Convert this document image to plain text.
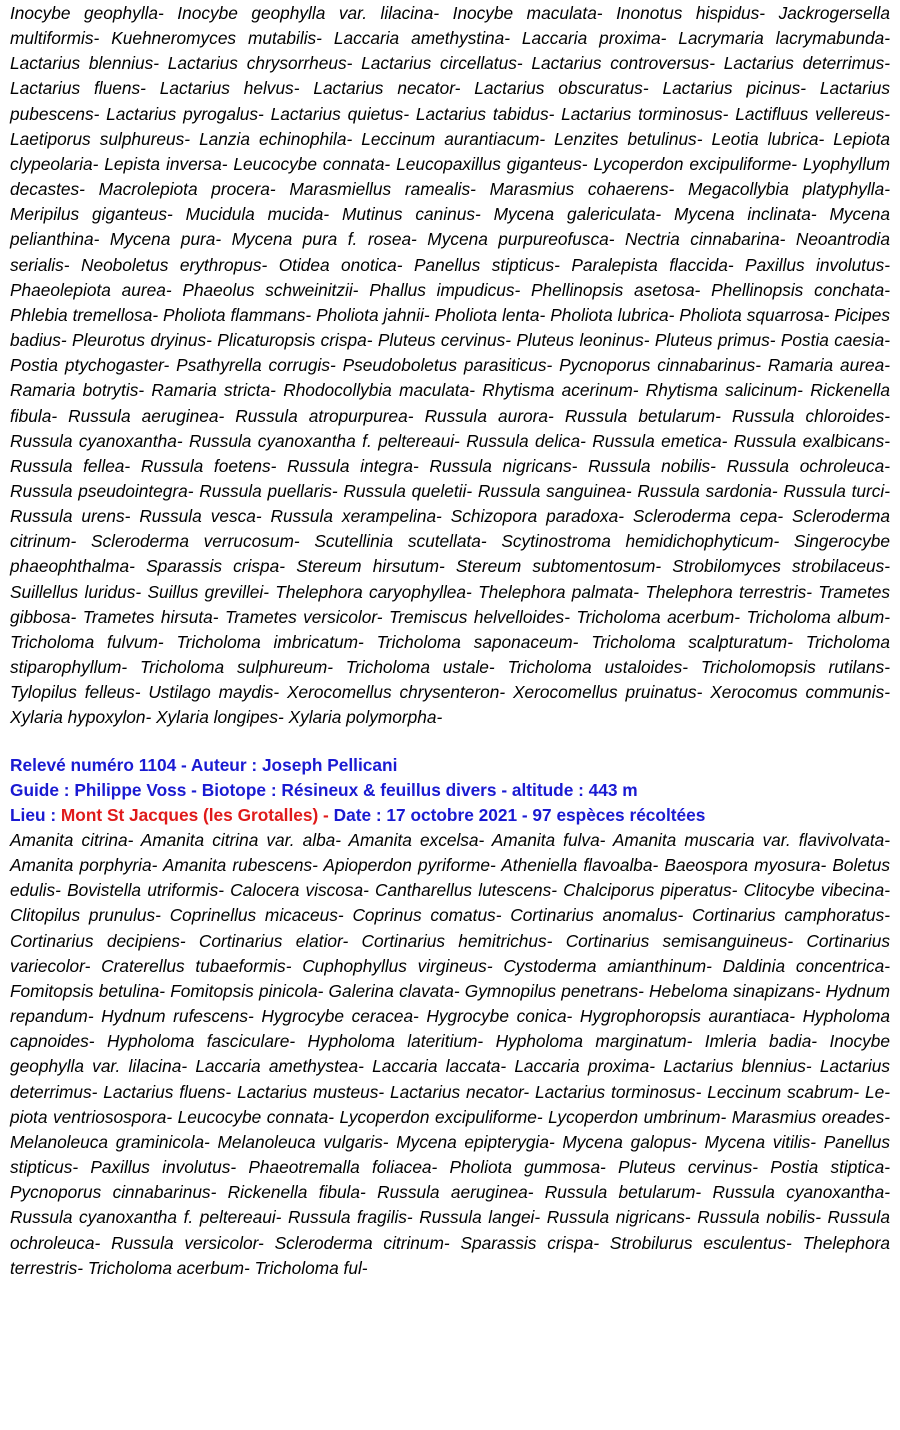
Inocybe geophylla- Inocybe geophylla var. lilacina- Inocybe maculata- Inonotus hispidus- Jackrogersella multiformis- Kuehneromyces mutabilis- Laccaria amethystina- Laccaria proxima- Lacrymaria lacrymabunda- Lactarius blennius- Lactarius chrysorrheus- Lactarius circellatus- Lactarius controversus- Lactarius deterrimus- Lactarius fluens- Lactarius helvus- Lactarius necator- Lactarius obscuratus- Lactarius picinus- Lactarius pubescens- Lactarius pyrogalus- Lactarius quietus- Lactarius tabidus- Lactarius torminosus- Lactifluus vellereus- Laetiporus sulphureus- Lanzia echinophila- Leccinum aurantiacum- Lenzites betulinus- Leotia lubrica- Lepiota clypeolaria- Lepista inversa- Leucocybe connata- Leucopaxillus giganteus- Lycoperdon excipuliforme- Lyophyllum decastes- Macrolepiota procera- Marasmiellus ramealis- Marasmius cohaerens- Megacollybia platyphylla- Meripilus giganteus- Mucidula mucida- Mutinus caninus- Mycena galericulata- Mycena inclinata- Mycena pelianthina- Mycena pura- Mycena pura f. rosea- Mycena purpureofusca- Nectria cinnabarina- Neoantrodia serialis- Neoboletus erythropus- Otidea onotica- Panellus stipticus- Paralepista flaccida- Paxillus involutus- Phaeolepiota aurea- Phaeolus schweinitzii- Phallus impudicus- Phellinopsis asetosa- Phellinopsis conchata- Phlebia tremellosa- Pholiota flammans- Pholiota jahnii- Pholiota lenta- Pholiota lubrica- Pholiota squarrosa- Picipes badius- Pleurotus dryinus- Plicaturopsis crispa- Pluteus cervinus- Pluteus leoninus- Pluteus primus- Postia caesia- Postia ptychogaster- Psathyrella corrugis- Pseudoboletus parasiticus- Pycnoporus cinnabarinus- Ramaria aurea- Ramaria botrytis- Ramaria stricta- Rhodocollybia maculata- Rhytisma acerinum- Rhytisma salicinum- Rickenella fibula- Russula aeruginea- Russula atropurpurea- Russula aurora- Russula betularum- Russula chloroides- Russula cyanoxantha- Russula cyanoxantha f. peltereaui- Russula delica- Russula emetica- Russula exalbicans- Russula fellea- Russula foetens- Russula integra- Russula nigricans- Russula nobilis- Russula ochroleuca- Russula pseudointegra- Russula puellaris- Russula queletii- Russula sanguinea- Russula sardonia- Russula turci- Russula urens- Russula vesca- Russula xerampelina- Schizopora paradoxa- Scleroderma cepa- Scleroderma citrinum- Scleroderma verrucosum- Scutellinia scutellata- Scytinostroma hemidichophyticum- Singerocybe phaeophthalma- Sparassis crispa- Stereum hirsutum- Stereum subtomentosum- Strobilomyces strobilaceus- Suillellus luridus- Suillus grevillei- Thelephora caryophyllea- Thelephora palmata- Thelephora terrestris- Trametes gibbosa- Trametes hirsuta- Trametes versicolor- Tremiscus helvelloides- Tricholoma acerbum- Tricholoma album- Tricholoma fulvum- Tricholoma imbricatum- Tricholoma saponaceum- Tricholoma scalpturatum- Tricholoma stiparophyllum- Tricholoma sulphureum- Tricholoma ustale- Tricholoma ustaloides- Tricholomopsis rutilans- Tylopilus felleus- Ustilago maydis- Xerocomellus chrysenteron- Xerocomellus pruinatus- Xerocomus communis- Xylaria hypoxylon- Xylaria longipes- Xylaria polymorpha-

Relevé numéro 1104 - Auteur : Joseph Pellicani

Guide : Philippe Voss - Biotope : Résineux & feuillus divers - altitude : 443 m

Lieu : Mont St Jacques (les Grotalles) - Date : 17 octobre 2021 - 97 espèces récoltées

Amanita citrina- Amanita citrina var. alba- Amanita excelsa- Amanita fulva- Amanita muscaria var. flavivolvata- Amanita porphyria- Amanita rubescens- Apioperdon pyriforme- Atheniella flavoalba- Baeospora myosura- Boletus edulis- Bovistella utriformis- Calocera viscosa- Cantharellus lutescens- Chalciporus piperatus- Clitocybe vibecina- Clitopilus prunulus- Coprinellus micaceus- Coprinus comatus- Cortinarius anomalus- Cortinarius camphoratus- Cortinarius decipiens- Cortinarius elatior- Cortinarius hemitrichus- Cortinarius semisanguineus- Cortinarius variecolor- Craterellus tubaeformis- Cuphophyllus virgineus- Cystoderma amianthinum- Daldinia concentrica- Fomitopsis betulina- Fomitopsis pinicola- Galerina clavata- Gymnopilus penetrans- Hebeloma sinapizans- Hydnum repandum- Hydnum rufescens- Hygrocybe ceracea- Hygrocybe conica- Hygrophoropsis aurantiaca- Hypholoma capnoides- Hypholoma fasciculare- Hypholoma lateritium- Hypholoma marginatum- Imleria badia- Inocybe geophylla var. lilacina- Laccaria amethystea- Laccaria laccata- Laccaria proxima- Lactarius blennius- Lactarius deterrimus- Lactarius fluens- Lactarius musteus- Lactarius necator- Lactarius torminosus- Leccinum scabrum- Lepiota ventriosospora- Leucocybe connata- Lycoperdon excipuliforme- Lycoperdon umbrinum- Marasmius oreades- Melanoleuca graminicola- Melanoleuca vulgaris- Mycena epipterygia- Mycena galopus- Mycena vitilis- Panellus stipticus- Paxillus involutus- Phaeotremalla foliacea- Pholiota gummosa- Pluteus cervinus- Postia stiptica- Pycnoporus cinnabarinus- Rickenella fibula- Russula aeruginea- Russula betularum- Russula cyanoxantha- Russula cyanoxantha f. peltereaui- Russula fragilis- Russula langei- Russula nigricans- Russula nobilis- Russula ochroleuca- Russula versicolor- Scleroderma citrinum- Sparassis crispa- Strobilurus esculentus- Thelephora terrestris- Tricholoma acerbum- Tricholoma ful-
